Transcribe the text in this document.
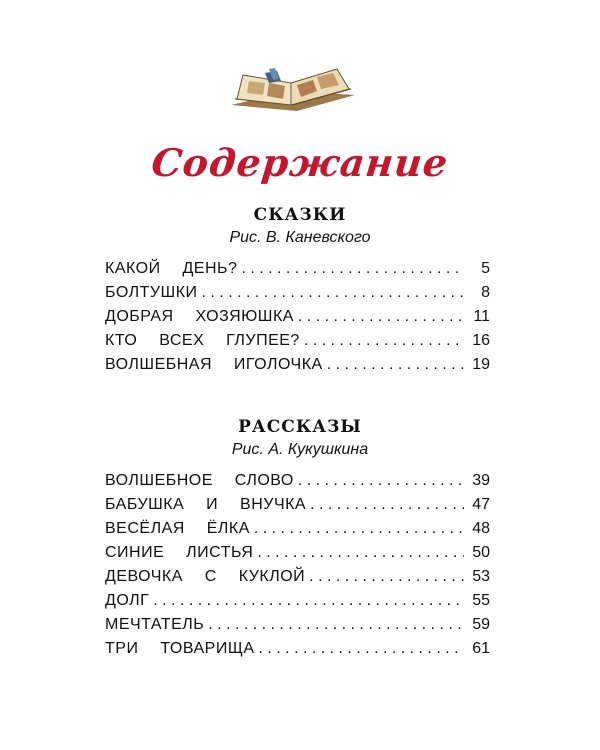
Содержание
СКАЗКИ
Рис. В. Каневского
КАКОЙ  ДЕНЬ? . . .	5
БОЛТУШКИ . . .	8
ДОБРАЯ  ХОЗЯЮШКА . . .	11
КТО  ВСЕХ  ГЛУПЕЕ? . . .	16
ВОЛШЕБНАЯ  ИГОЛОЧКА . . .	19
РАССКАЗЫ
Рис. А. Кукушкина
ВОЛШЕБНОЕ  СЛОВО . . .	39
БАБУШКА  И  ВНУЧКА . . .	47
ВЕСЁЛАЯ  ЁЛКА . . .	48
СИНИЕ  ЛИСТЬЯ . . .	50
ДЕВОЧКА  С  КУКЛОЙ . . .	53
ДОЛГ . . .	55
МЕЧТАТЕЛЬ . . .	59
ТРИ  ТОВАРИЩА . . .	61
